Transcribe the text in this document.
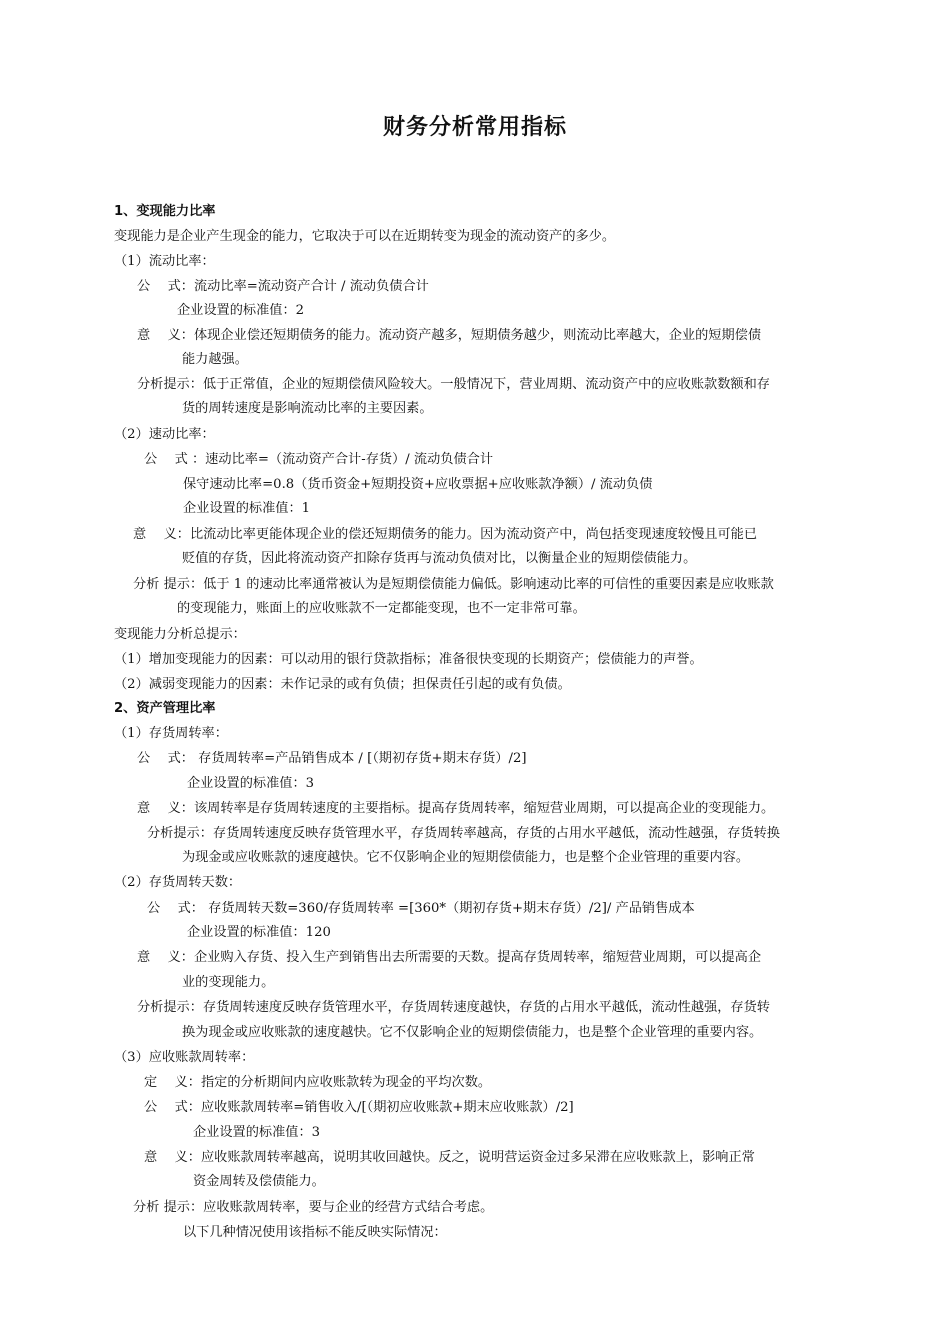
财务分析常用指标
1、变现能力比率
变现能力是企业产生现金的能力，它取决于可以在近期转变为现金的流动资产的多少。
（1）流动比率：
公　 式：流动比率=流动资产合计 / 流动负债合计
企业设置的标准值：2
意　 义：体现企业偿还短期债务的能力。流动资产越多，短期债务越少，则流动比率越大，企业的短期偿债
能力越强。
分析提示：低于正常值，企业的短期偿债风险较大。一般情况下，营业周期、流动资产中的应收账款数额和存
货的周转速度是影响流动比率的主要因素。
（2）速动比率：
公　 式 ：速动比率=（流动资产合计-存货）/ 流动负债合计
保守速动比率=0.8（货币资金+短期投资+应收票据+应收账款净额）/ 流动负债
企业设置的标准值：1
意　 义：比流动比率更能体现企业的偿还短期债务的能力。因为流动资产中，尚包括变现速度较慢且可能已
贬值的存货，因此将流动资产扣除存货再与流动负债对比，以衡量企业的短期偿债能力。
分析 提示：低于 1 的速动比率通常被认为是短期偿债能力偏低。影响速动比率的可信性的重要因素是应收账款
的变现能力，账面上的应收账款不一定都能变现，也不一定非常可靠。
变现能力分析总提示：
（1）增加变现能力的因素：可以动用的银行贷款指标；准备很快变现的长期资产；偿债能力的声誉。
（2）减弱变现能力的因素：未作记录的或有负债；担保责任引起的或有负债。
2、资产管理比率
（1）存货周转率：
公　 式： 存货周转率=产品销售成本 / [（期初存货+期末存货）/2]
企业设置的标准值：3
意　 义：该周转率是存货周转速度的主要指标。提高存货周转率，缩短营业周期，可以提高企业的变现能力。
分析提示：存货周转速度反映存货管理水平，存货周转率越高，存货的占用水平越低，流动性越强，存货转换
为现金或应收账款的速度越快。它不仅影响企业的短期偿债能力，也是整个企业管理的重要内容。
（2）存货周转天数：
公　 式： 存货周转天数=360/存货周转率 =[360*（期初存货+期末存货）/2]/ 产品销售成本
企业设置的标准值：120
意　 义：企业购入存货、投入生产到销售出去所需要的天数。提高存货周转率，缩短营业周期，可以提高企
业的变现能力。
分析提示：存货周转速度反映存货管理水平，存货周转速度越快，存货的占用水平越低，流动性越强，存货转
换为现金或应收账款的速度越快。它不仅影响企业的短期偿债能力，也是整个企业管理的重要内容。
（3）应收账款周转率：
定　 义：指定的分析期间内应收账款转为现金的平均次数。
公　 式：应收账款周转率=销售收入/[（期初应收账款+期末应收账款）/2]
企业设置的标准值：3
意　 义：应收账款周转率越高，说明其收回越快。反之，说明营运资金过多呆滞在应收账款上，影响正常
资金周转及偿债能力。
分析 提示：应收账款周转率，要与企业的经营方式结合考虑。
以下几种情况使用该指标不能反映实际情况：
